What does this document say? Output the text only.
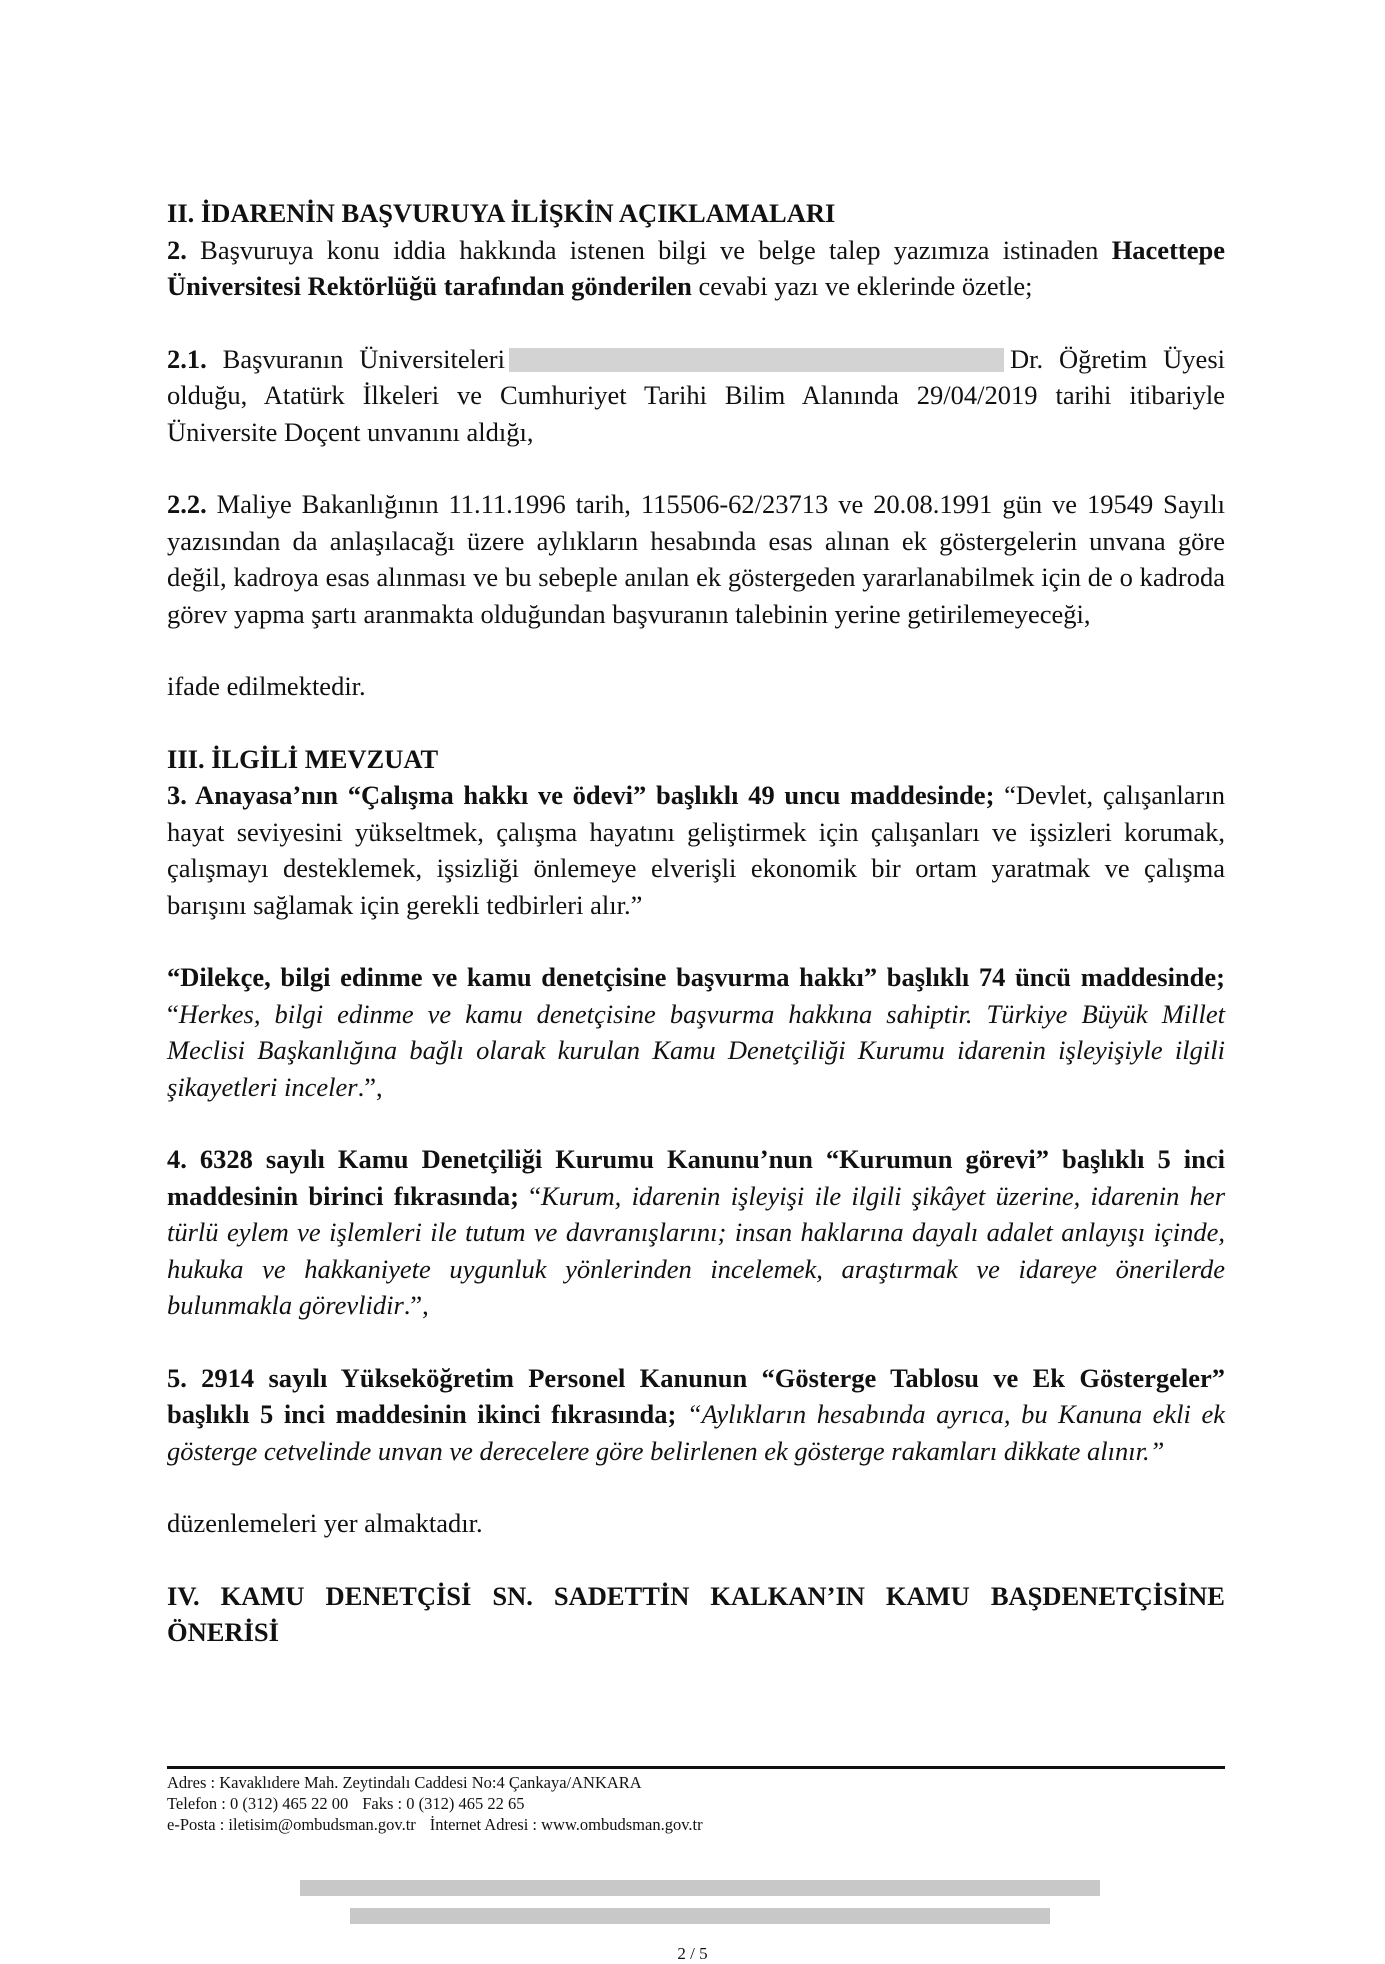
II. İDARENİN BAŞVURUYA İLİŞKİN AÇIKLAMALARI

2. Başvuruya konu iddia hakkında istenen bilgi ve belge talep yazımıza istinaden Hacettepe Üniversitesi Rektörlüğü tarafından gönderilen cevabi yazı ve eklerinde özetle;

2.1. Başvuranın Üniversiteleri	Dr. Öğretim Üyesi olduğu, Atatürk İlkeleri ve Cumhuriyet Tarihi Bilim Alanında 29/04/2019 tarihi itibariyle Üniversite Doçent unvanını aldığı,

2.2. Maliye Bakanlığının 11.11.1996 tarih, 115506-62/23713 ve 20.08.1991 gün ve 19549 Sayılı yazısından da anlaşılacağı üzere aylıkların hesabında esas alınan ek göstergelerin unvana göre değil, kadroya esas alınması ve bu sebeple anılan ek göstergeden yararlanabilmek için de o kadroda görev yapma şartı aranmakta olduğundan başvuranın talebinin yerine getirilemeyeceği,

ifade edilmektedir.

III. İLGİLİ MEVZUAT

3. Anayasa’nın “Çalışma hakkı ve ödevi” başlıklı 49 uncu maddesinde; “Devlet, çalışanların hayat seviyesini yükseltmek, çalışma hayatını geliştirmek için çalışanları ve işsizleri korumak, çalışmayı desteklemek, işsizliği önlemeye elverişli ekonomik bir ortam yaratmak ve çalışma barışını sağlamak için gerekli tedbirleri alır.”

“Dilekçe, bilgi edinme ve kamu denetçisine başvurma hakkı” başlıklı 74 üncü maddesinde; “Herkes, bilgi edinme ve kamu denetçisine başvurma hakkına sahiptir. Türkiye Büyük Millet Meclisi Başkanlığına bağlı olarak kurulan Kamu Denetçiliği Kurumu idarenin işleyişiyle ilgili şikayetleri inceler.”,

4. 6328 sayılı Kamu Denetçiliği Kurumu Kanunu’nun “Kurumun görevi” başlıklı 5 inci maddesinin birinci fıkrasında; “Kurum, idarenin işleyişi ile ilgili şikâyet üzerine, idarenin her türlü eylem ve işlemleri ile tutum ve davranışlarını; insan haklarına dayalı adalet anlayışı içinde, hukuka ve hakkaniyete uygunluk yönlerinden incelemek, araştırmak ve idareye önerilerde bulunmakla görevlidir.”,

5. 2914 sayılı Yükseköğretim Personel Kanunun “Gösterge Tablosu ve Ek Göstergeler” başlıklı 5 inci maddesinin ikinci fıkrasında; “Aylıkların hesabında ayrıca, bu Kanuna ekli ek gösterge cetvelinde unvan ve derecelere göre belirlenen ek gösterge rakamları dikkate alınır.”

düzenlemeleri yer almaktadır.

IV. KAMU DENETÇİSİ SN. SADETTİN KALKAN’IN KAMU BAŞDENETÇİSİNE ÖNERİSİ

Adres : Kavaklıdere Mah. Zeytindalı Caddesi No:4 Çankaya/ANKARA
Telefon : 0 (312) 465 22 00 Faks : 0 (312) 465 22 65
e-Posta : iletisim@ombudsman.gov.tr İnternet Adresi : www.ombudsman.gov.tr
2 / 5
